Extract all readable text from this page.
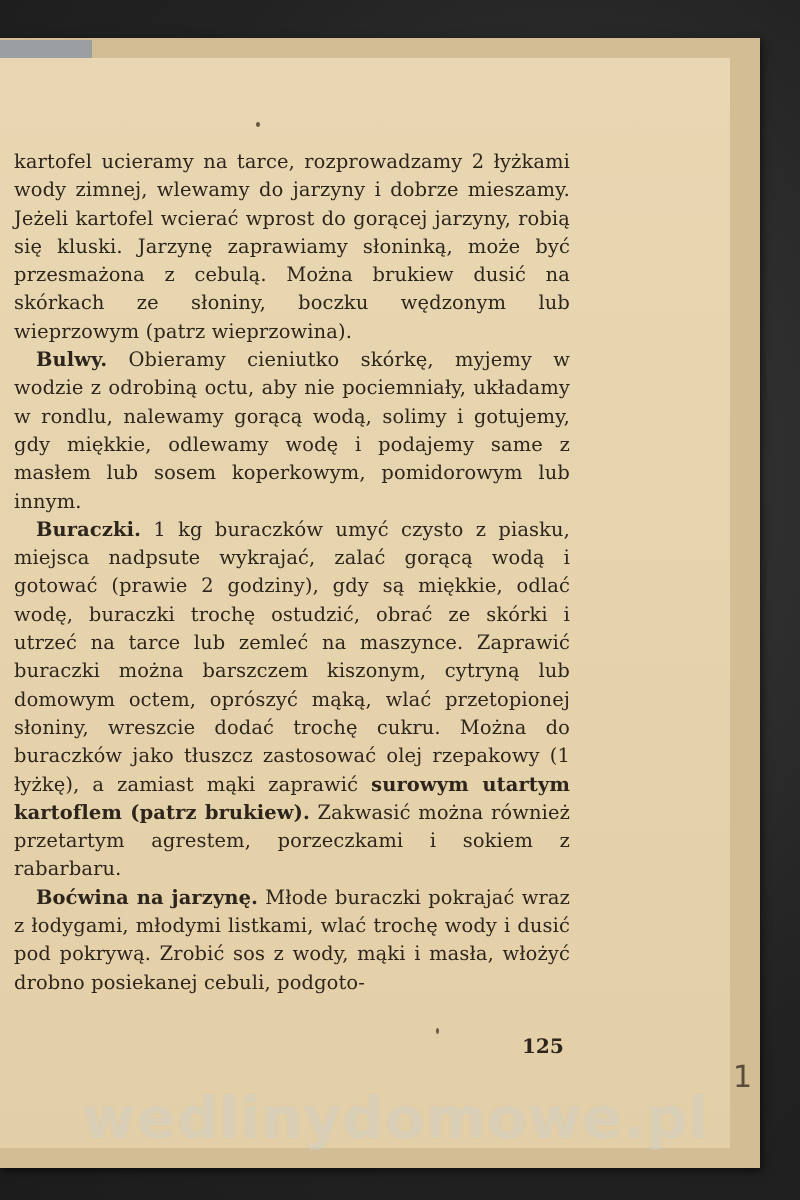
kartofel ucieramy na tarce, rozprowadzamy 2 łyżkami wody zimnej, wlewamy do jarzyny i dobrze mieszamy. Jeżeli kartofel wcierać wprost do gorącej jarzyny, robią się kluski. Jarzynę zaprawiamy słoninką, może być przesmażona z cebulą. Można brukiew dusić na skórkach ze słoniny, boczku wędzonym lub wieprzowym (patrz wieprzowina).

Bulwy. Obieramy cieniutko skórkę, myjemy w wodzie z odrobiną octu, aby nie pociemniały, układamy w rondlu, nalewamy gorącą wodą, solimy i gotujemy, gdy miękkie, odlewamy wodę i podajemy same z masłem lub sosem koperkowym, pomidorowym lub innym.

Buraczki. 1 kg buraczków umyć czysto z piasku, miejsca nadpsute wykrajać, zalać gorącą wodą i gotować (prawie 2 godziny), gdy są miękkie, odlać wodę, buraczki trochę ostudzić, obrać ze skórki i utrzeć na tarce lub zemleć na maszynce. Zaprawić buraczki można barszczem kiszonym, cytryną lub domowym octem, oprószyć mąką, wlać przetopionej słoniny, wreszcie dodać trochę cukru. Można do buraczków jako tłuszcz zastosować olej rzepakowy (1 łyżkę), a zamiast mąki zaprawić surowym utartym kartoflem (patrz brukiew). Zakwasić można również przetartym agrestem, porzeczkami i sokiem z rabarbaru.

Boćwina na jarzynę. Młode buraczki pokrajać wraz z łodygami, młodymi listkami, wlać trochę wody i dusić pod pokrywą. Zrobić sos z wody, mąki i masła, włożyć drobno posiekanej cebuli, podgoto-

125
1
wedlinydomowe.pl
